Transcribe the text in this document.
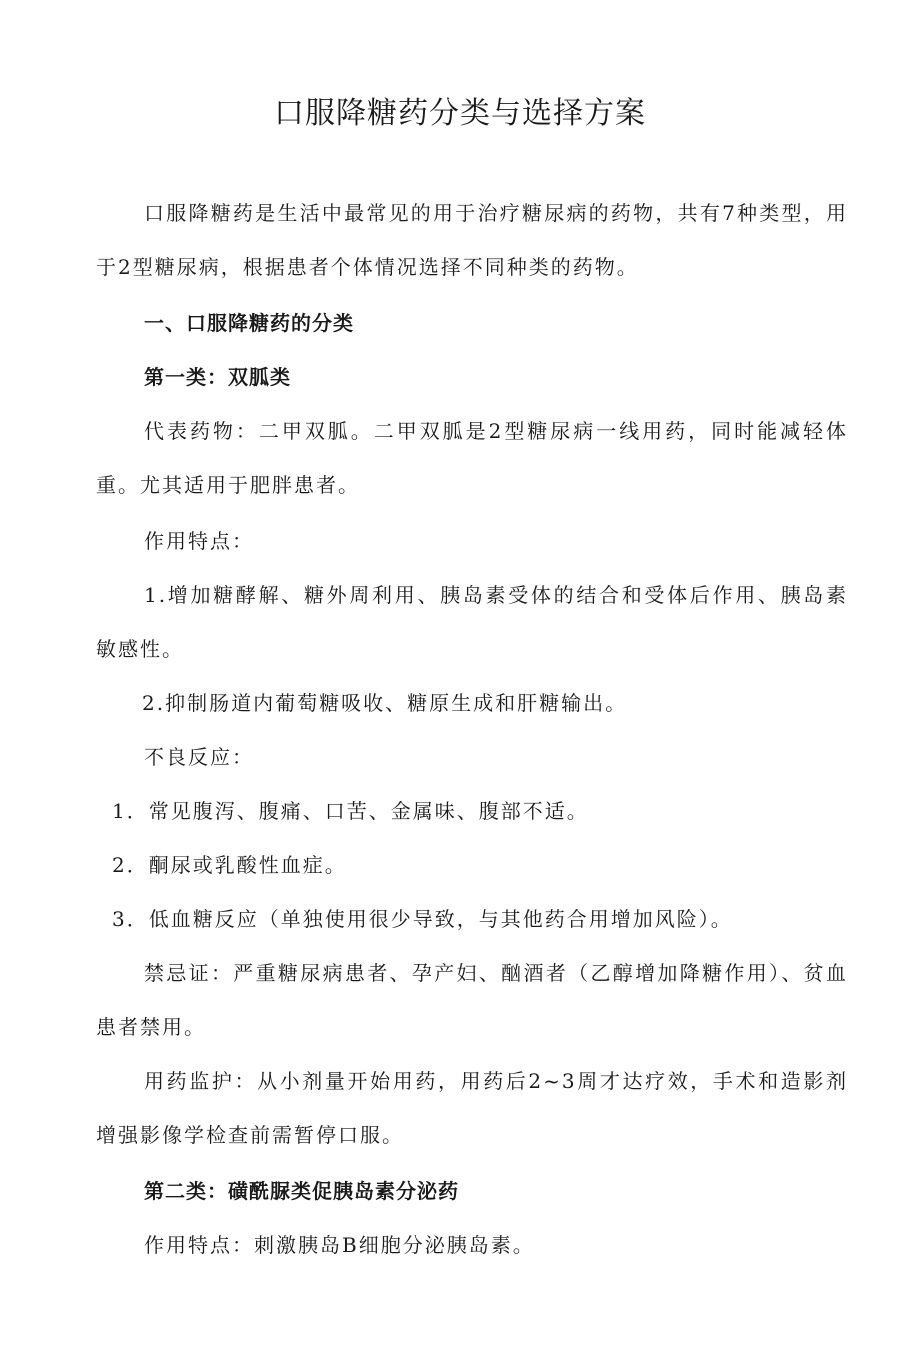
口服降糖药分类与选择方案

口服降糖药是生活中最常见的用于治疗糖尿病的药物，共有7种类型，用于2型糖尿病，根据患者个体情况选择不同种类的药物。

一、口服降糖药的分类

第一类：双胍类

代表药物：二甲双胍。二甲双胍是2型糖尿病一线用药，同时能减轻体重。尤其适用于肥胖患者。

作用特点：

1.增加糖酵解、糖外周利用、胰岛素受体的结合和受体后作用、胰岛素敏感性。

2.抑制肠道内葡萄糖吸收、糖原生成和肝糖输出。

不良反应：

1．常见腹泻、腹痛、口苦、金属味、腹部不适。

2．酮尿或乳酸性血症。

3．低血糖反应（单独使用很少导致，与其他药合用增加风险）。

禁忌证：严重糖尿病患者、孕产妇、酗酒者（乙醇增加降糖作用）、贫血患者禁用。

用药监护：从小剂量开始用药，用药后2~3周才达疗效，手术和造影剂增强影像学检查前需暂停口服。

第二类：磺酰脲类促胰岛素分泌药

作用特点：刺激胰岛B细胞分泌胰岛素。
